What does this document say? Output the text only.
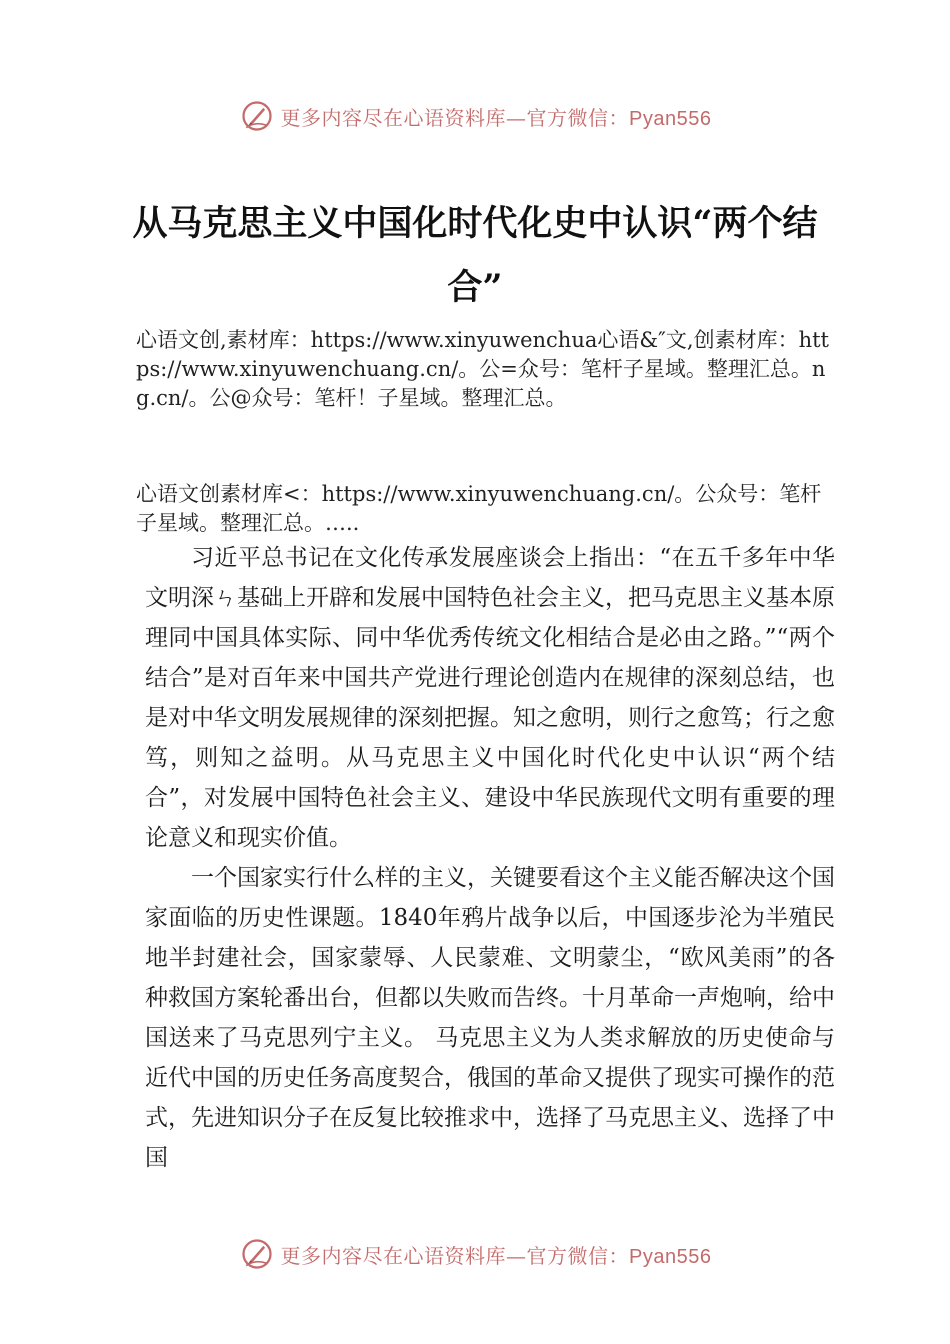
更多内容尽在心语资料库—官方微信：Pyan556
从马克思主义中国化时代化史中认识“两个结合”

心语文创,素材库：https://www.xinyuwenchua心语&″文,创素材库：https://www.xinyuwenchuang.cn/。公=众号：笔杆子星域。整理汇总。ng.cn/。公@众号：笔杆！子星域。整理汇总。

心语文创素材库<：https://www.xinyuwenchuang.cn/。公众号：笔杆子星域。整理汇总。…..

习近平总书记在文化传承发展座谈会上指出：“在五千多年中华文明深ㄣ基础上开辟和发展中国特色社会主义，把马克思主义基本原理同中国具体实际、同中华优秀传统文化相结合是必由之路。”“两个结合”是对百年来中国共产党进行理论创造内在规律的深刻总结，也是对中华文明发展规律的深刻把握。知之愈明，则行之愈笃；行之愈笃，则知之益明。从马克思主义中国化时代化史中认识“两个结合”，对发展中国特色社会主义、建设中华民族现代文明有重要的理论意义和现实价值。

一个国家实行什么样的主义，关键要看这个主义能否解决这个国家面临的历史性课题。1840年鸦片战争以后，中国逐步沦为半殖民地半封建社会，国家蒙辱、人民蒙难、文明蒙尘，“欧风美雨”的各种救国方案轮番出台，但都以失败而告终。十月革命一声炮响，给中国送来了马克思列宁主义。 马克思主义为人类求解放的历史使命与近代中国的历史任务高度契合，俄国的革命又提供了现实可操作的范式，先进知识分子在反复比较推求中，选择了马克思主义、选择了中国

更多内容尽在心语资料库—官方微信：Pyan556
